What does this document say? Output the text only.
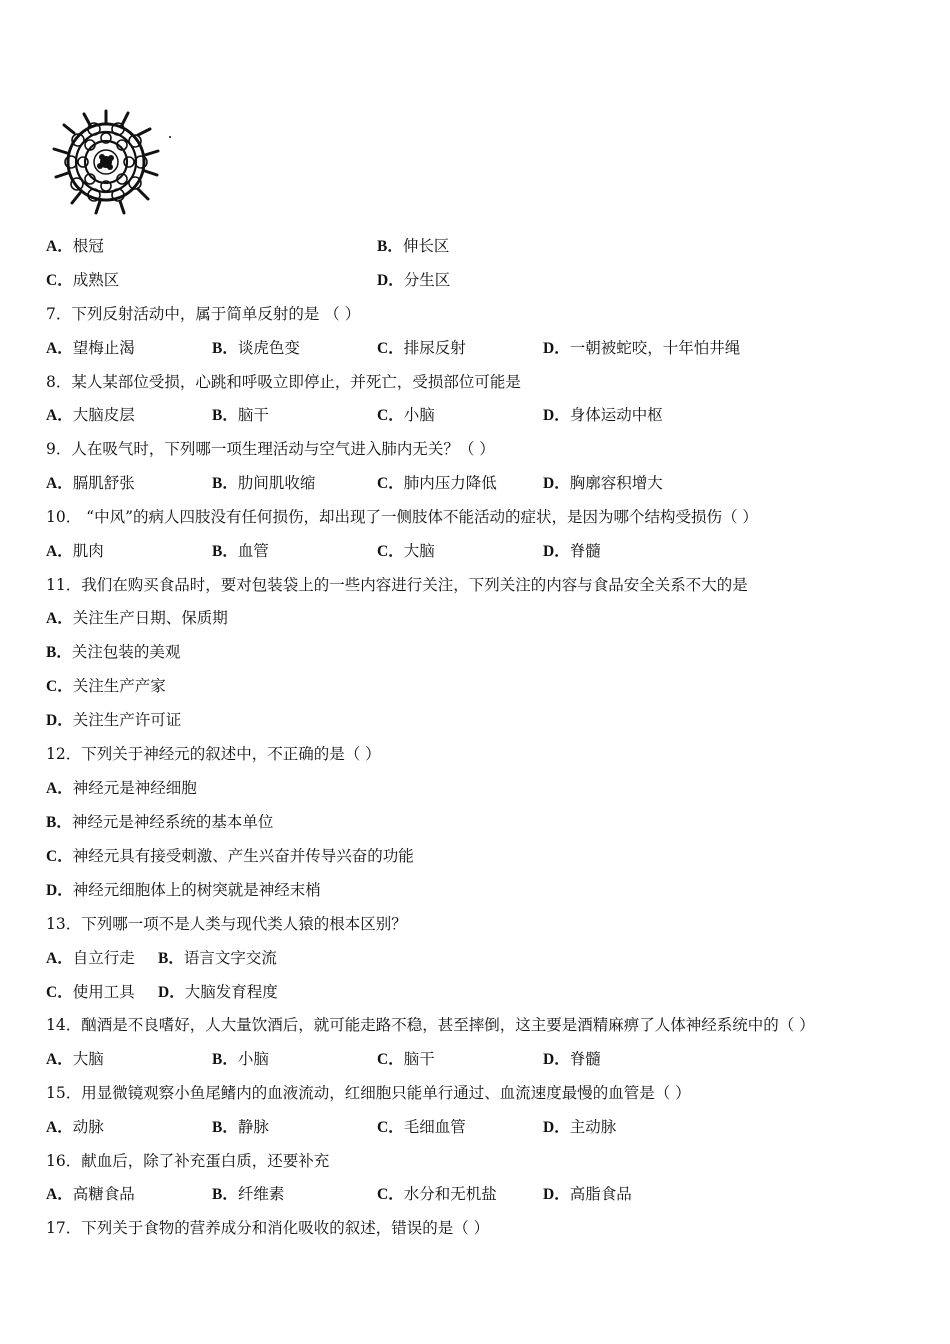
A．根冠	B．伸长区
C．成熟区	D．分生区
7．下列反射活动中，属于简单反射的是 （ ）
A．望梅止渴	B．谈虎色变	C．排尿反射	D．一朝被蛇咬，十年怕井绳
8．某人某部位受损，心跳和呼吸立即停止，并死亡，受损部位可能是
A．大脑皮层	B．脑干	C．小脑	D．身体运动中枢
9．人在吸气时，下列哪一项生理活动与空气进入肺内无关？（ ）
A．膈肌舒张	B．肋间肌收缩	C．肺内压力降低	D．胸廓容积增大
10． “中风”的病人四肢没有任何损伤，却出现了一侧肢体不能活动的症状，是因为哪个结构受损伤（ ）
A．肌肉	B．血管	C．大脑	D．脊髓
11．我们在购买食品时，要对包装袋上的一些内容进行关注，下列关注的内容与食品安全关系不大的是
A．关注生产日期、保质期
B．关注包装的美观
C．关注生产产家
D．关注生产许可证
12．下列关于神经元的叙述中，不正确的是（ ）
A．神经元是神经细胞
B．神经元是神经系统的基本单位
C．神经元具有接受刺激、产生兴奋并传导兴奋的功能
D．神经元细胞体上的树突就是神经末梢
13．下列哪一项不是人类与现代类人猿的根本区别？
A．自立行走 B．语言文字交流
C．使用工具 D．大脑发育程度
14．酗酒是不良嗜好，人大量饮酒后，就可能走路不稳，甚至摔倒，这主要是酒精麻痹了人体神经系统中的（ ）
A．大脑	B．小脑	C．脑干	D．脊髓
15．用显微镜观察小鱼尾鳍内的血液流动，红细胞只能单行通过、血流速度最慢的血管是（ ）
A．动脉	B．静脉	C．毛细血管	D．主动脉
16．献血后，除了补充蛋白质，还要补充
A．高糖食品	B．纤维素	C．水分和无机盐	D．高脂食品
17．下列关于食物的营养成分和消化吸收的叙述，错误的是（ ）
